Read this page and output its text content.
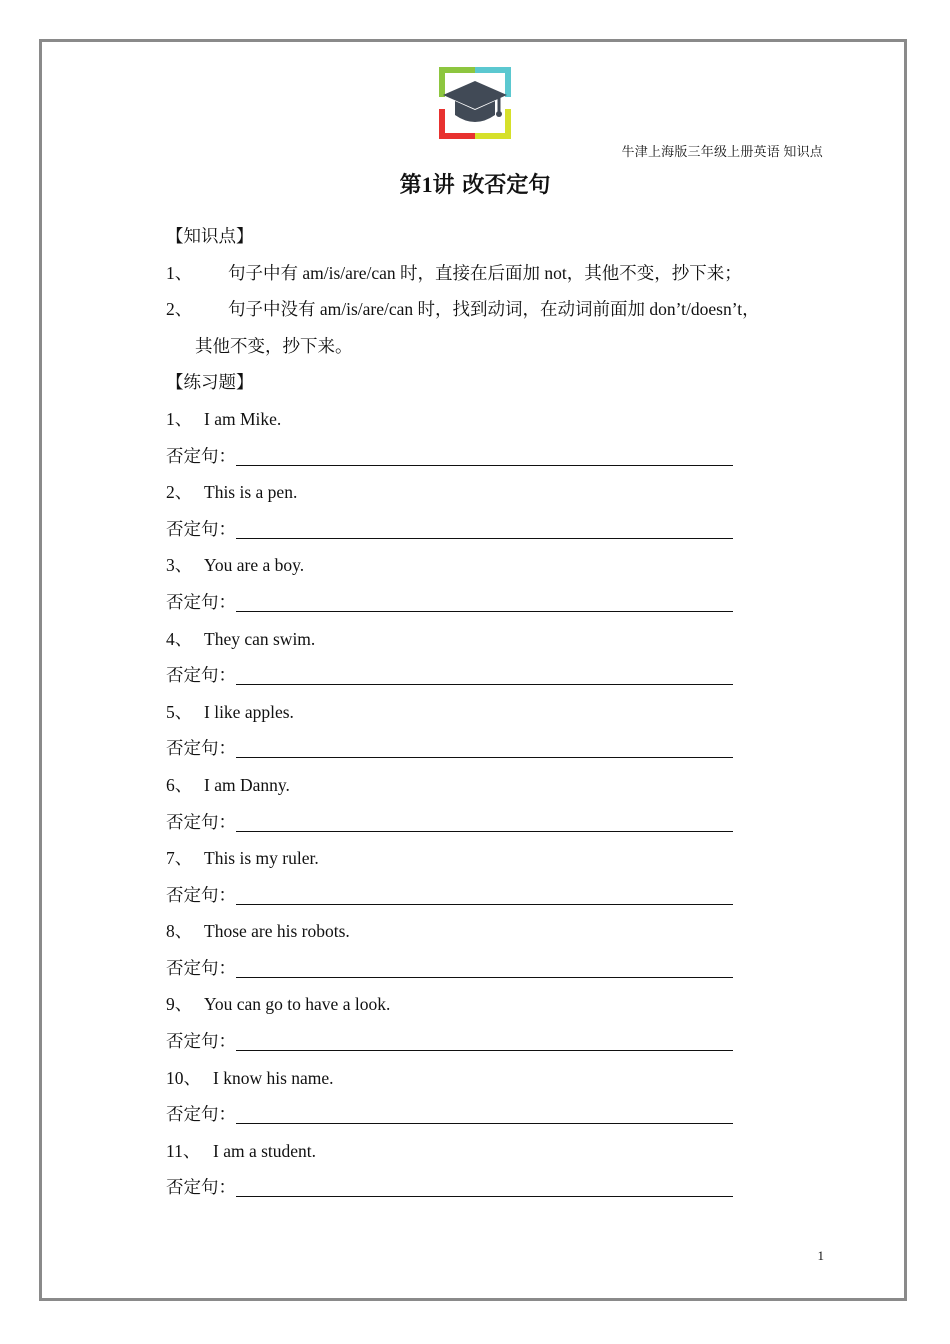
牛津上海版三年级上册英语 知识点
第1讲 改否定句
【知识点】
1、 句子中有 am/is/are/can 时，直接在后面加 not，其他不变，抄下来；
2、 句子中没有 am/is/are/can 时，找到动词，在动词前面加 don’t/doesn’t，
其他不变，抄下来。
【练习题】
1、 I am Mike.
否定句：
2、 This is a pen.
否定句：
3、 You are a boy.
否定句：
4、 They can swim.
否定句：
5、 I like apples.
否定句：
6、 I am Danny.
否定句：
7、 This is my ruler.
否定句：
8、 Those are his robots.
否定句：
9、 You can go to have a look.
否定句：
10、 I know his name.
否定句：
11、 I am a student.
否定句：
1
